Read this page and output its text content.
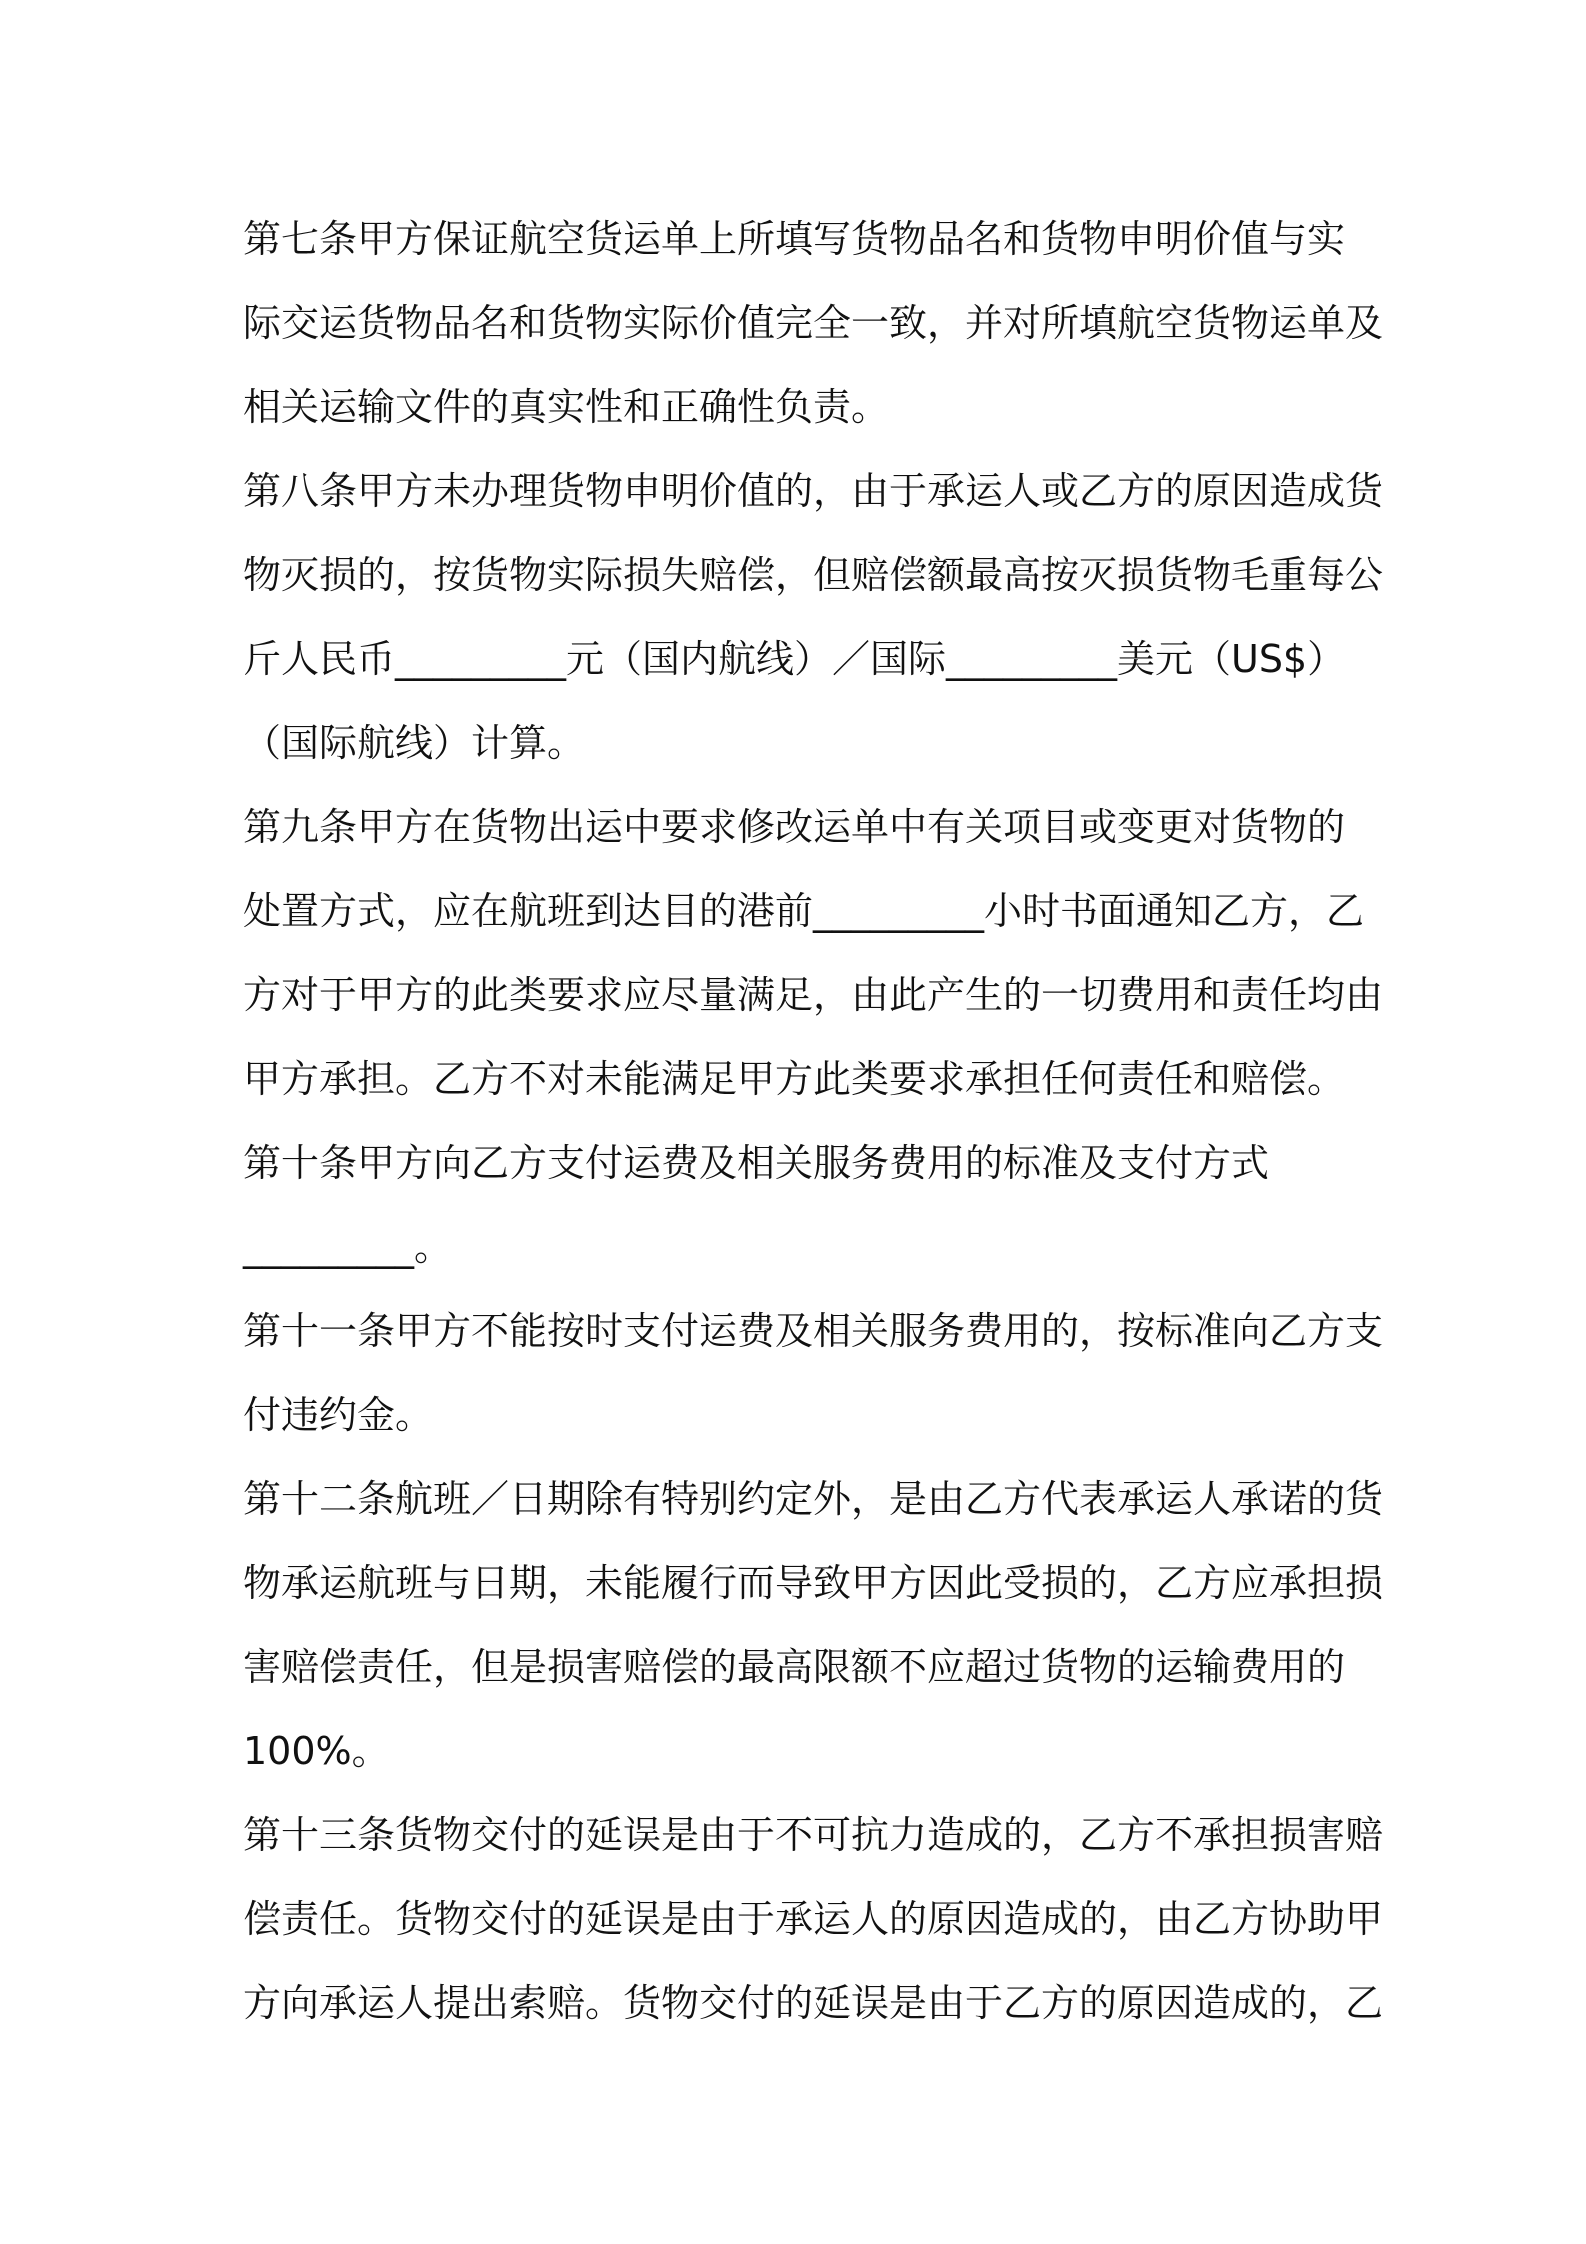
第七条甲方保证航空货运单上所填写货物品名和货物申明价值与实
际交运货物品名和货物实际价值完全一致，并对所填航空货物运单及
相关运输文件的真实性和正确性负责。
第八条甲方未办理货物申明价值的，由于承运人或乙方的原因造成货
物灭损的，按货物实际损失赔偿，但赔偿额最高按灭损货物毛重每公
斤人民币_________元（国内航线）／国际_________美元（US$）
（国际航线）计算。
第九条甲方在货物出运中要求修改运单中有关项目或变更对货物的
处置方式，应在航班到达目的港前_________小时书面通知乙方，乙
方对于甲方的此类要求应尽量满足，由此产生的一切费用和责任均由
甲方承担。乙方不对未能满足甲方此类要求承担任何责任和赔偿。
第十条甲方向乙方支付运费及相关服务费用的标准及支付方式
_________。
第十一条甲方不能按时支付运费及相关服务费用的，按标准向乙方支
付违约金。
第十二条航班／日期除有特别约定外，是由乙方代表承运人承诺的货
物承运航班与日期，未能履行而导致甲方因此受损的，乙方应承担损
害赔偿责任，但是损害赔偿的最高限额不应超过货物的运输费用的
100%。
第十三条货物交付的延误是由于不可抗力造成的，乙方不承担损害赔
偿责任。货物交付的延误是由于承运人的原因造成的，由乙方协助甲
方向承运人提出索赔。货物交付的延误是由于乙方的原因造成的，乙
